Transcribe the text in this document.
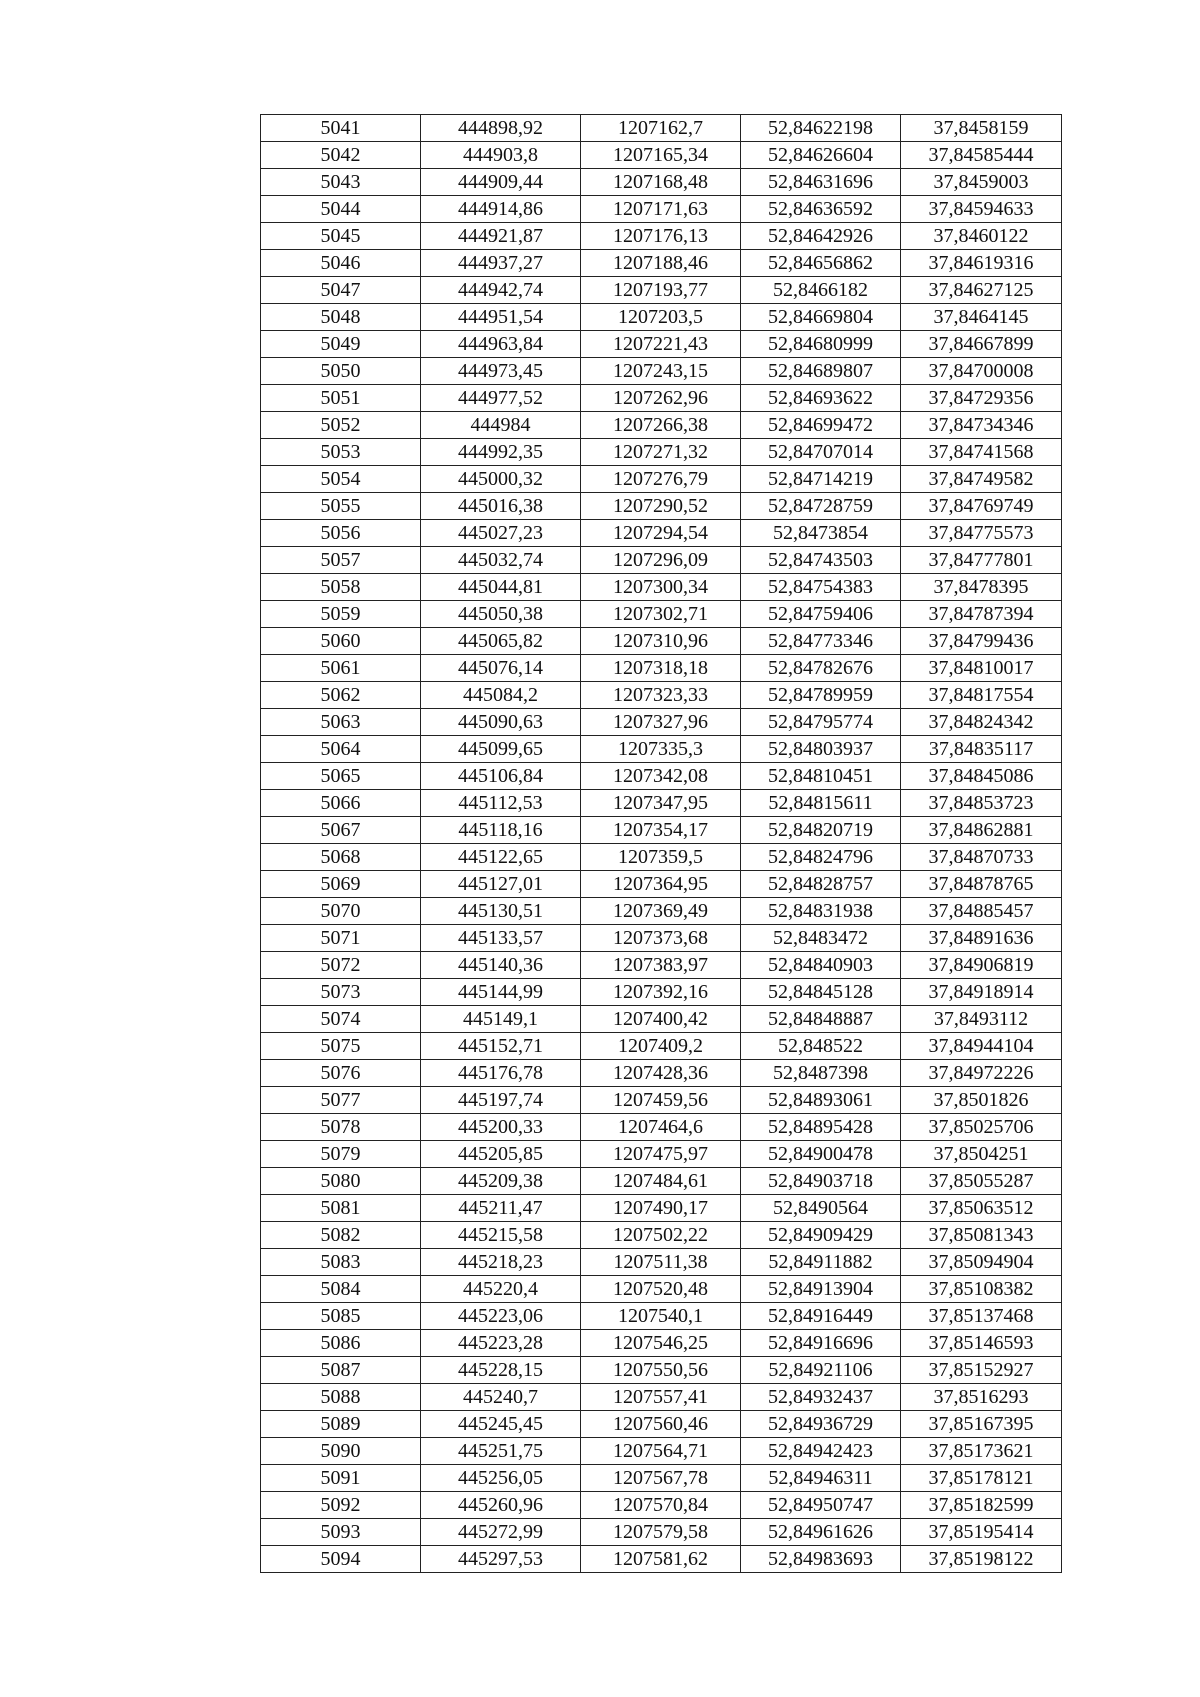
5041	444898,92	1207162,7	52,84622198	37,8458159
5042	444903,8	1207165,34	52,84626604	37,84585444
5043	444909,44	1207168,48	52,84631696	37,8459003
5044	444914,86	1207171,63	52,84636592	37,84594633
5045	444921,87	1207176,13	52,84642926	37,8460122
5046	444937,27	1207188,46	52,84656862	37,84619316
5047	444942,74	1207193,77	52,8466182	37,84627125
5048	444951,54	1207203,5	52,84669804	37,8464145
5049	444963,84	1207221,43	52,84680999	37,84667899
5050	444973,45	1207243,15	52,84689807	37,84700008
5051	444977,52	1207262,96	52,84693622	37,84729356
5052	444984	1207266,38	52,84699472	37,84734346
5053	444992,35	1207271,32	52,84707014	37,84741568
5054	445000,32	1207276,79	52,84714219	37,84749582
5055	445016,38	1207290,52	52,84728759	37,84769749
5056	445027,23	1207294,54	52,8473854	37,84775573
5057	445032,74	1207296,09	52,84743503	37,84777801
5058	445044,81	1207300,34	52,84754383	37,8478395
5059	445050,38	1207302,71	52,84759406	37,84787394
5060	445065,82	1207310,96	52,84773346	37,84799436
5061	445076,14	1207318,18	52,84782676	37,84810017
5062	445084,2	1207323,33	52,84789959	37,84817554
5063	445090,63	1207327,96	52,84795774	37,84824342
5064	445099,65	1207335,3	52,84803937	37,84835117
5065	445106,84	1207342,08	52,84810451	37,84845086
5066	445112,53	1207347,95	52,84815611	37,84853723
5067	445118,16	1207354,17	52,84820719	37,84862881
5068	445122,65	1207359,5	52,84824796	37,84870733
5069	445127,01	1207364,95	52,84828757	37,84878765
5070	445130,51	1207369,49	52,84831938	37,84885457
5071	445133,57	1207373,68	52,8483472	37,84891636
5072	445140,36	1207383,97	52,84840903	37,84906819
5073	445144,99	1207392,16	52,84845128	37,84918914
5074	445149,1	1207400,42	52,84848887	37,8493112
5075	445152,71	1207409,2	52,848522	37,84944104
5076	445176,78	1207428,36	52,8487398	37,84972226
5077	445197,74	1207459,56	52,84893061	37,8501826
5078	445200,33	1207464,6	52,84895428	37,85025706
5079	445205,85	1207475,97	52,84900478	37,8504251
5080	445209,38	1207484,61	52,84903718	37,85055287
5081	445211,47	1207490,17	52,8490564	37,85063512
5082	445215,58	1207502,22	52,84909429	37,85081343
5083	445218,23	1207511,38	52,84911882	37,85094904
5084	445220,4	1207520,48	52,84913904	37,85108382
5085	445223,06	1207540,1	52,84916449	37,85137468
5086	445223,28	1207546,25	52,84916696	37,85146593
5087	445228,15	1207550,56	52,84921106	37,85152927
5088	445240,7	1207557,41	52,84932437	37,8516293
5089	445245,45	1207560,46	52,84936729	37,85167395
5090	445251,75	1207564,71	52,84942423	37,85173621
5091	445256,05	1207567,78	52,84946311	37,85178121
5092	445260,96	1207570,84	52,84950747	37,85182599
5093	445272,99	1207579,58	52,84961626	37,85195414
5094	445297,53	1207581,62	52,84983693	37,85198122
